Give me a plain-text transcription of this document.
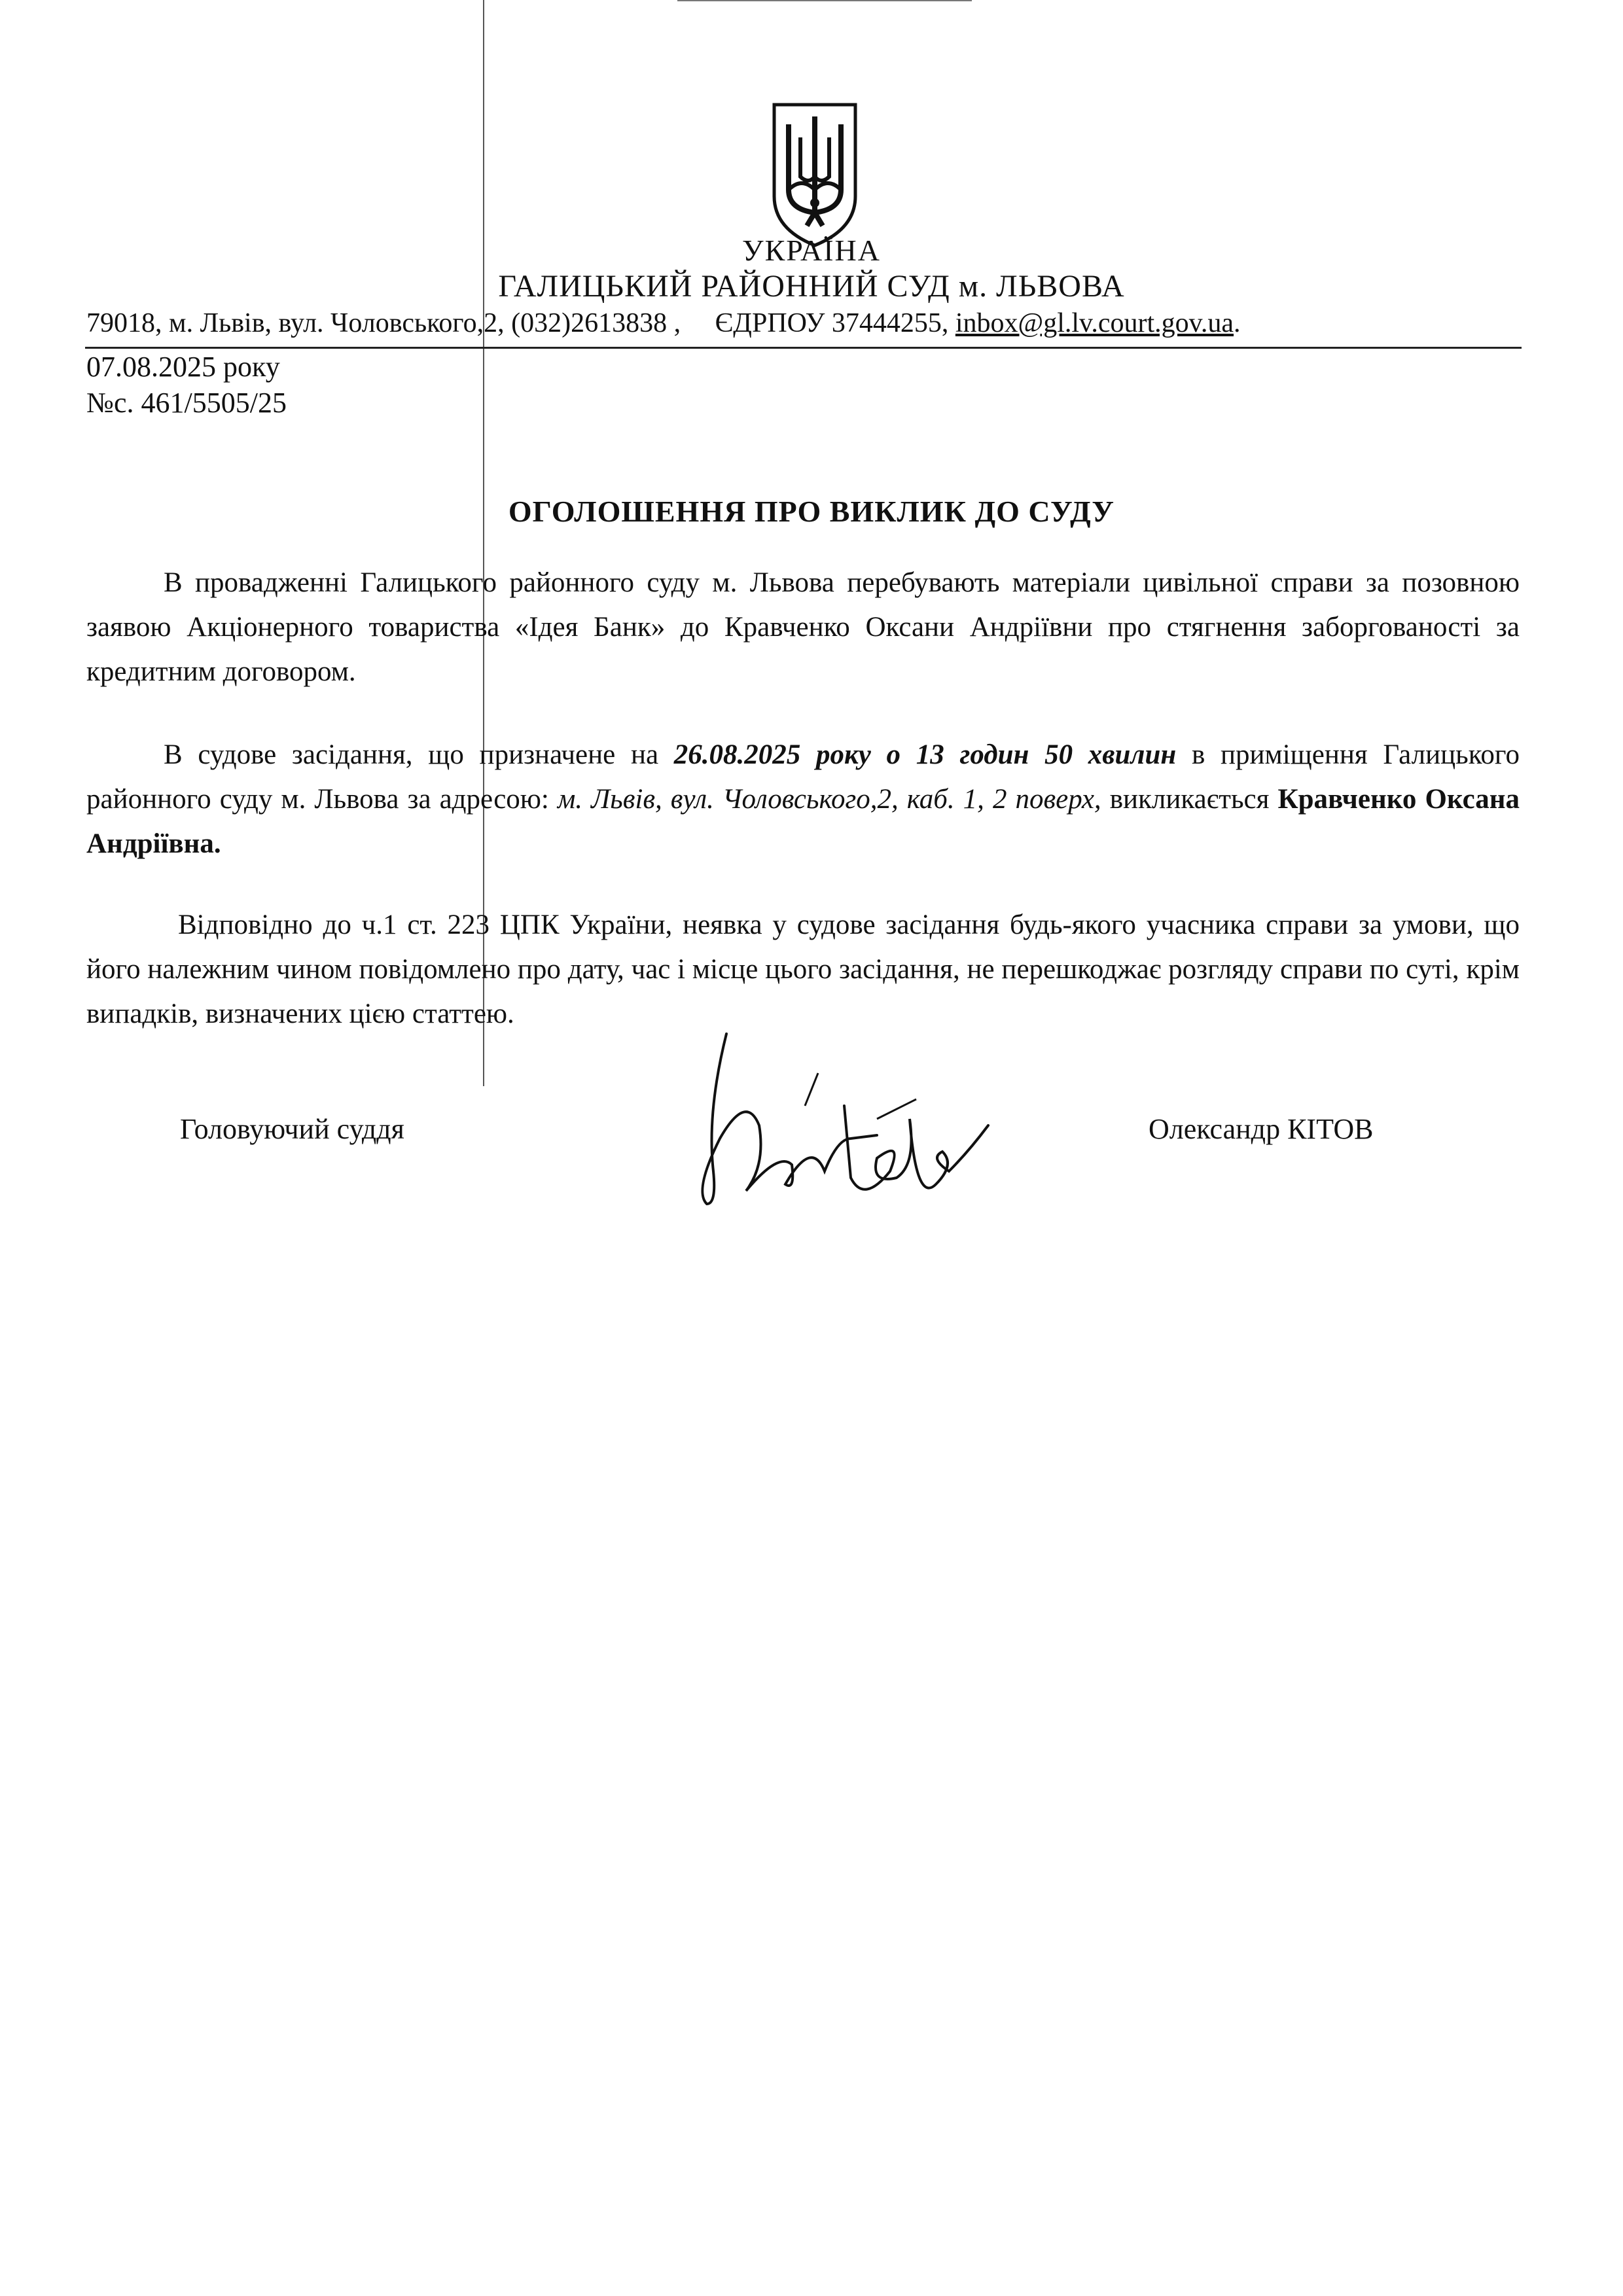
УКРАЇНА
ГАЛИЦЬКИЙ РАЙОННИЙ СУД м. ЛЬВОВА
79018, м. Львів, вул. Чоловського,2, (032)2613838 , ЄДРПОУ 37444255, inbox@gl.lv.court.gov.ua.
07.08.2025 року
№с. 461/5505/25
ОГОЛОШЕННЯ ПРО ВИКЛИК ДО СУДУ
В провадженні Галицького районного суду м. Львова перебувають матеріали цивільної справи за позовною заявою Акціонерного товариства «Ідея Банк» до Кравченко Оксани Андріївни про стягнення заборгованості за кредитним договором.
В судове засідання, що призначене на 26.08.2025 року о 13 годин 50 хвилин в приміщення Галицького районного суду м. Львова за адресою: м. Львів, вул. Чоловського,2, каб. 1, 2 поверх, викликається Кравченко Оксана Андріївна.
Відповідно до ч.1 ст. 223 ЦПК України, неявка у судове засідання будь-якого учасника справи за умови, що його належним чином повідомлено про дату, час і місце цього засідання, не перешкоджає розгляду справи по суті, крім випадків, визначених цією статтею.
Головуючий суддя	Олександр КІТОВ
